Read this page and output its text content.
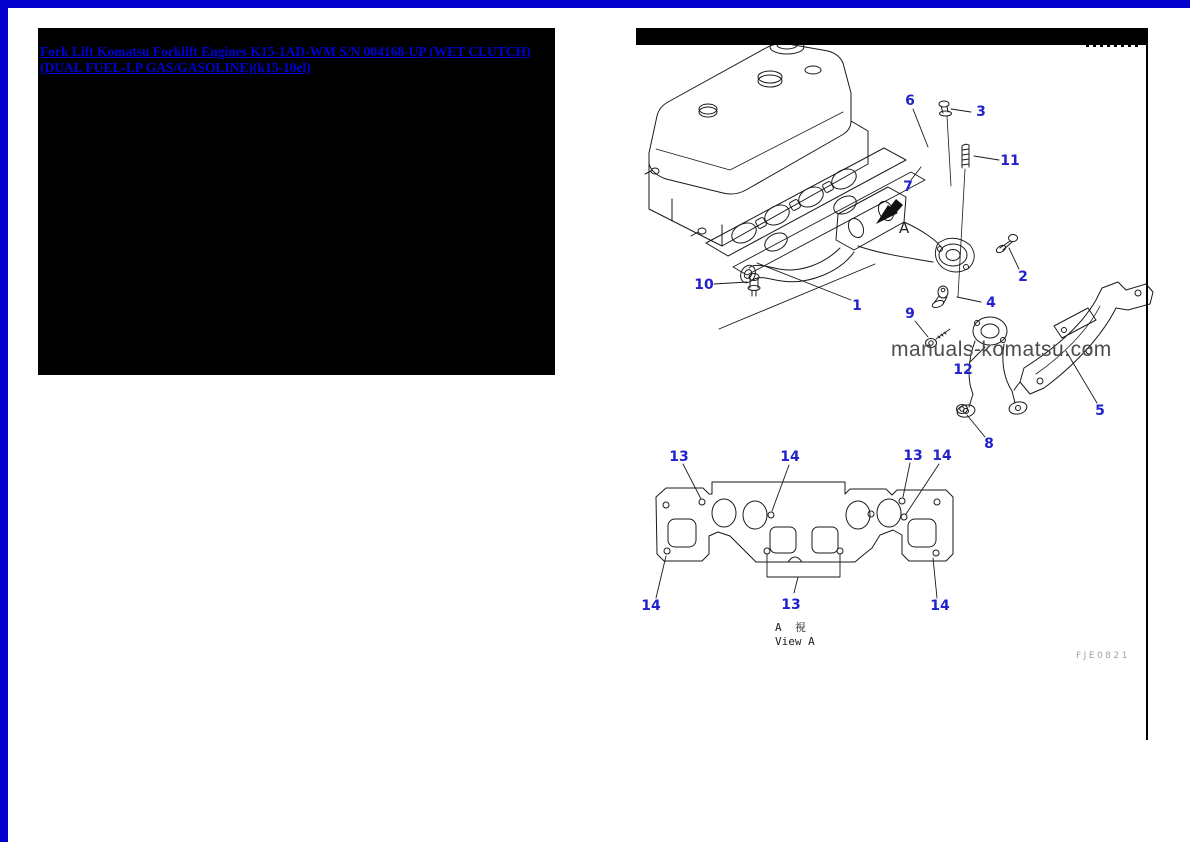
Fork Lift Komatsu Forklift Engines K15-1AD-WM S/N 004168-UP (WET CLUTCH) (DUAL FUEL-LP GAS/GASOLINE)(k15-10el)
manuals-komatsu.com
A
A  視
View A
FJE0821
1
2
3
4
5
6
7
8
9
10
11
12
13	14	13 14
14	13	14
